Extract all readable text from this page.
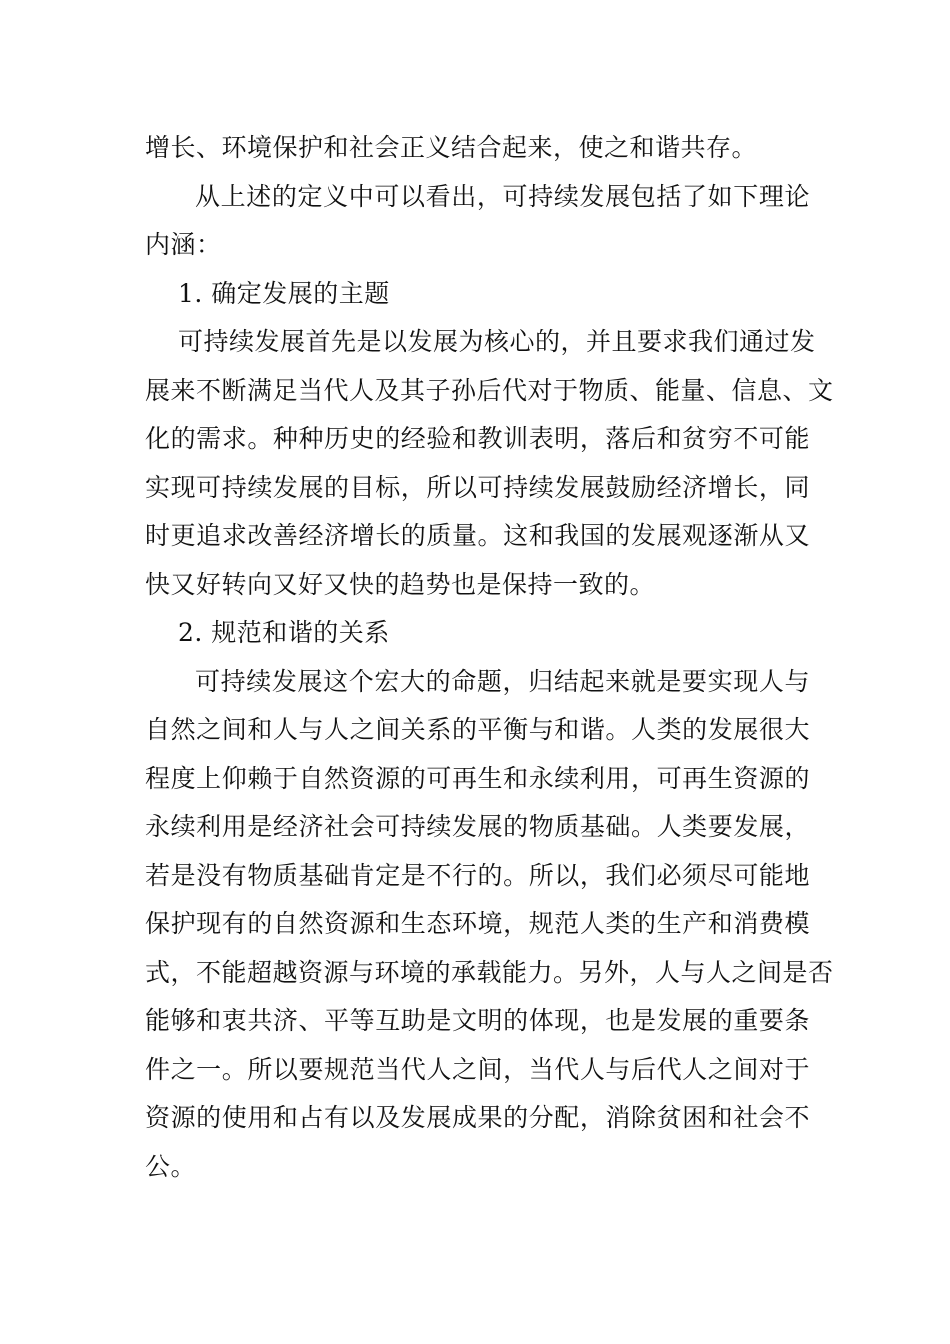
增长、环境保护和社会正义结合起来，使之和谐共存。
从上述的定义中可以看出，可持续发展包括了如下理论
内涵：
1. 确定发展的主题
可持续发展首先是以发展为核心的，并且要求我们通过发
展来不断满足当代人及其子孙后代对于物质、能量、信息、文
化的需求。种种历史的经验和教训表明，落后和贫穷不可能
实现可持续发展的目标，所以可持续发展鼓励经济增长，同
时更追求改善经济增长的质量。这和我国的发展观逐渐从又
快又好转向又好又快的趋势也是保持一致的。
2. 规范和谐的关系
可持续发展这个宏大的命题，归结起来就是要实现人与
自然之间和人与人之间关系的平衡与和谐。人类的发展很大
程度上仰赖于自然资源的可再生和永续利用，可再生资源的
永续利用是经济社会可持续发展的物质基础。人类要发展，
若是没有物质基础肯定是不行的。所以，我们必须尽可能地
保护现有的自然资源和生态环境，规范人类的生产和消费模
式，不能超越资源与环境的承载能力。另外，人与人之间是否
能够和衷共济、平等互助是文明的体现，也是发展的重要条
件之一。所以要规范当代人之间，当代人与后代人之间对于
资源的使用和占有以及发展成果的分配，消除贫困和社会不
公。
